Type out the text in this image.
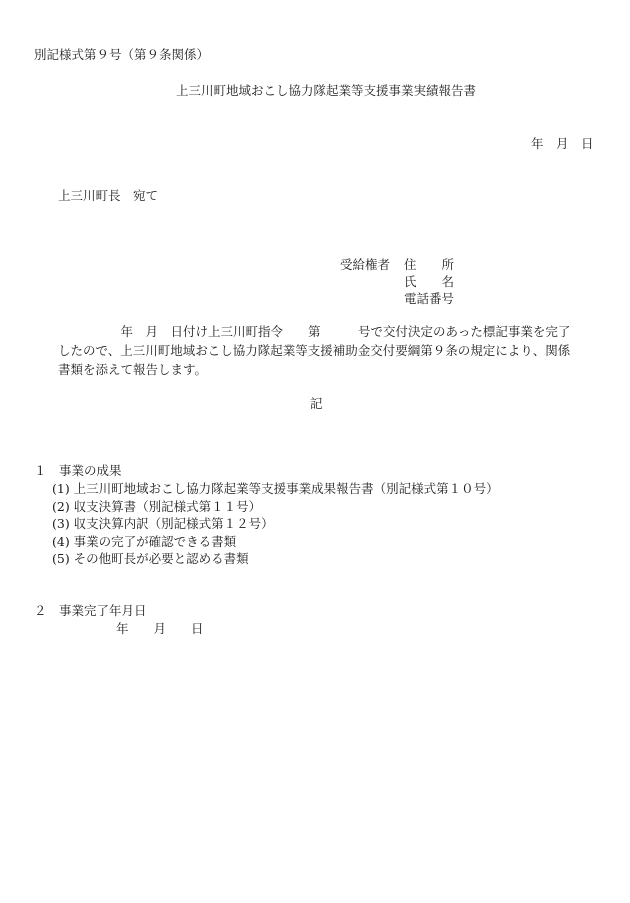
別記様式第９号（第９条関係）
上三川町地域おこし協力隊起業等支援事業実績報告書
年　月　日
上三川町長　宛て
受給権者 住　　所
氏　　名
電話番号
　　　　　年　月　日付け上三川町指令　　第　　　号で交付決定のあった標記事業を完了
したので、上三川町地域おこし協力隊起業等支援補助金交付要綱第９条の規定により、関係
書類を添えて報告します。
記
１　事業の成果
(1) 上三川町地域おこし協力隊起業等支援事業成果報告書（別記様式第１０号）
(2) 収支決算書（別記様式第１１号）
(3) 収支決算内訳（別記様式第１２号）
(4) 事業の完了が確認できる書類
(5) その他町長が必要と認める書類
２　事業完了年月日
年　　月　　日
